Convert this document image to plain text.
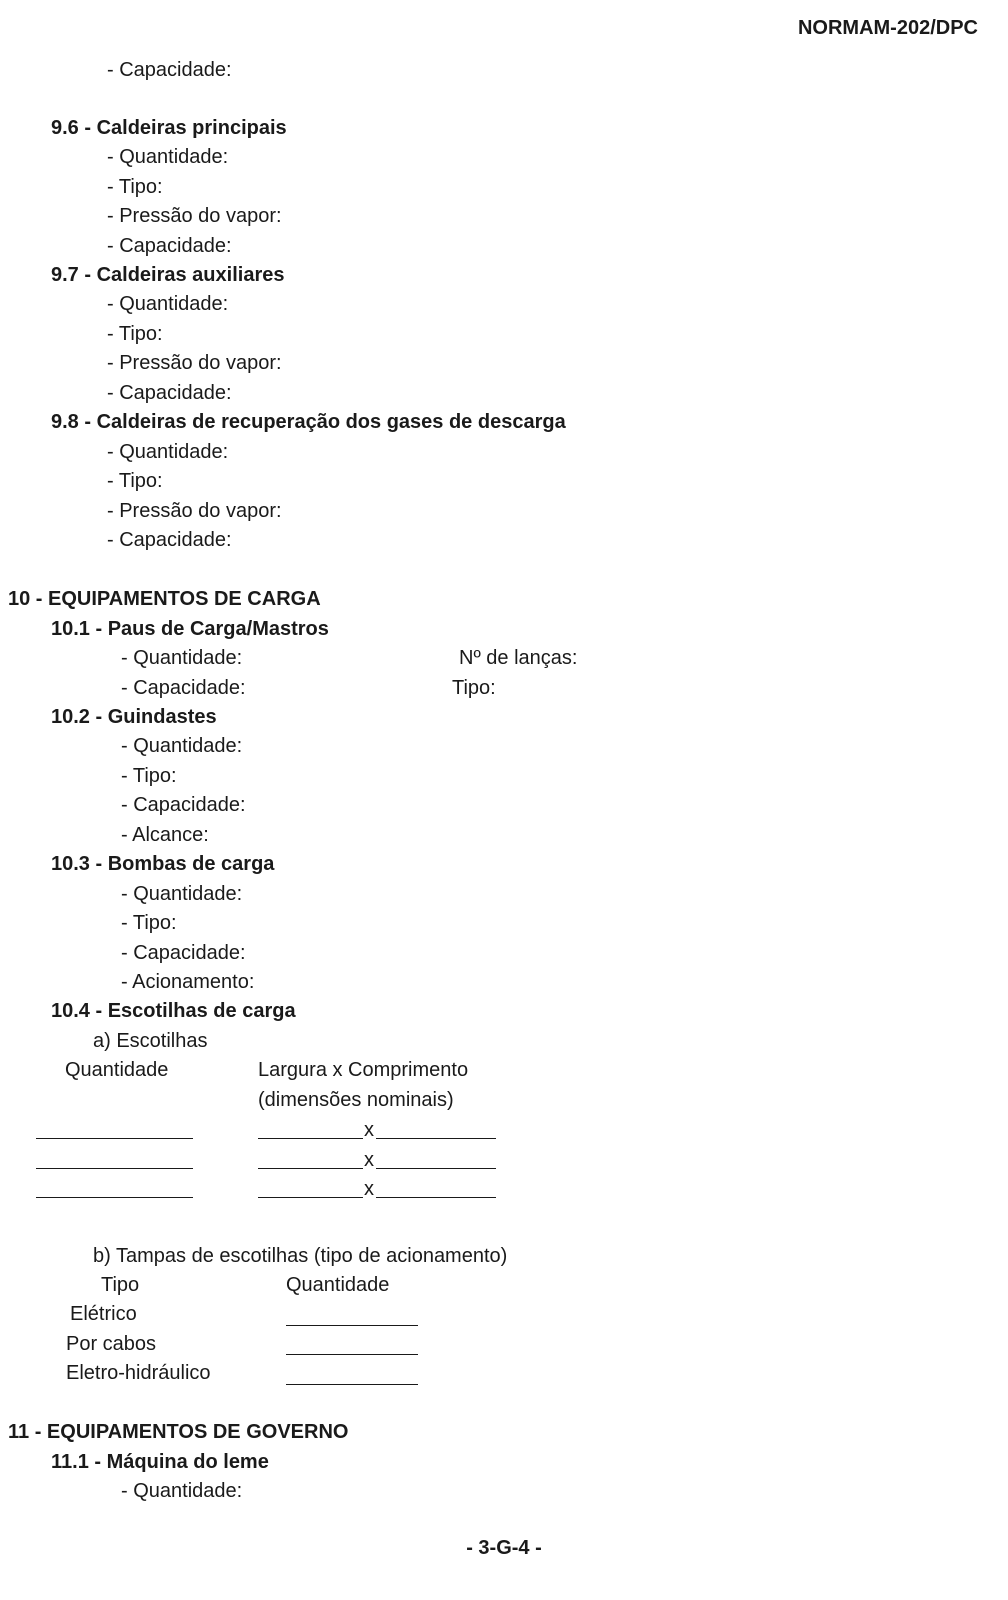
NORMAM-202/DPC
- Capacidade:
9.6 - Caldeiras principais
- Quantidade:
- Tipo:
- Pressão do vapor:
- Capacidade:
9.7 - Caldeiras auxiliares
- Quantidade:
- Tipo:
- Pressão do vapor:
- Capacidade:
9.8 - Caldeiras de recuperação dos gases de descarga
- Quantidade:
- Tipo:
- Pressão do vapor:
- Capacidade:
10 - EQUIPAMENTOS DE CARGA
10.1 - Paus de Carga/Mastros
- Quantidade:	Nº de lanças:
- Capacidade:	Tipo:
10.2 - Guindastes
- Quantidade:
- Tipo:
- Capacidade:
- Alcance:
10.3 - Bombas de carga
- Quantidade:
- Tipo:
- Capacidade:
- Acionamento:
10.4 - Escotilhas de carga
a) Escotilhas
Quantidade	Largura x Comprimento
(dimensões nominais)
x
x
x
b) Tampas de escotilhas (tipo de acionamento)
Tipo	Quantidade
Elétrico
Por cabos
Eletro-hidráulico
11 - EQUIPAMENTOS DE GOVERNO
11.1 - Máquina do leme
- Quantidade:
- 3-G-4 -
